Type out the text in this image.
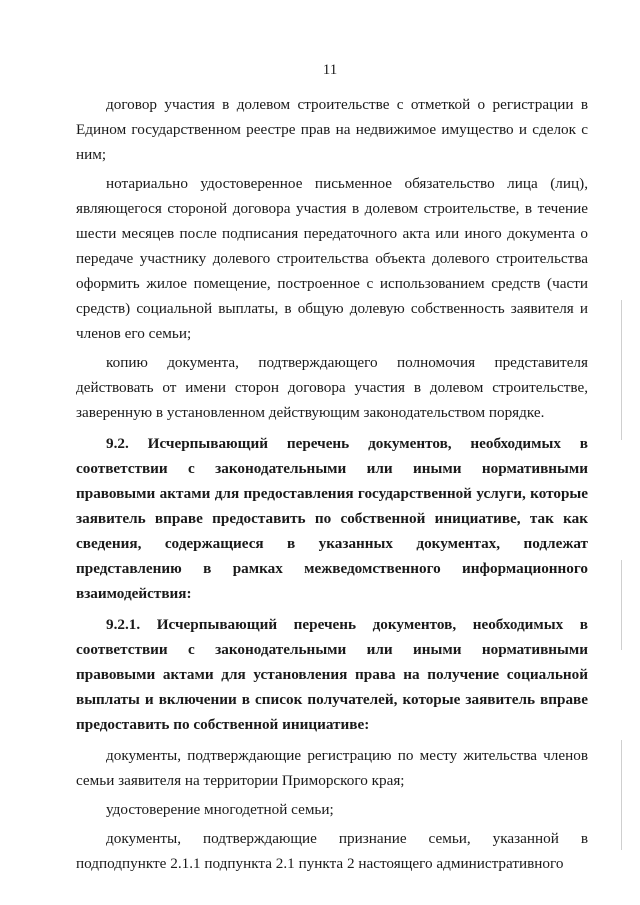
11

договор участия в долевом строительстве с отметкой о регистрации в Едином государственном реестре прав на недвижимое имущество и сделок с ним;

нотариально удостоверенное письменное обязательство лица (лиц), являющегося стороной договора участия в долевом строительстве, в течение шести месяцев после подписания передаточного акта или иного документа о передаче участнику долевого строительства объекта долевого строительства оформить жилое помещение, построенное с использованием средств (части средств) социальной выплаты, в общую долевую собственность заявителя и членов его семьи;

копию документа, подтверждающего полномочия представителя действовать от имени сторон договора участия в долевом строительстве, заверенную в установленном действующим законодательством порядке.

9.2. Исчерпывающий перечень документов, необходимых в соответствии с законодательными или иными нормативными правовыми актами для предоставления государственной услуги, которые заявитель вправе предоставить по собственной инициативе, так как сведения, содержащиеся в указанных документах, подлежат представлению в рамках межведомственного информационного взаимодействия:

9.2.1. Исчерпывающий перечень документов, необходимых в соответствии с законодательными или иными нормативными правовыми актами для установления права на получение социальной выплаты и включении в список получателей, которые заявитель вправе предоставить по собственной инициативе:

документы, подтверждающие регистрацию по месту жительства членов семьи заявителя на территории Приморского края;

удостоверение многодетной семьи;

документы, подтверждающие признание семьи, указанной в подподпункте 2.1.1 подпункта 2.1 пункта 2 настоящего административного
